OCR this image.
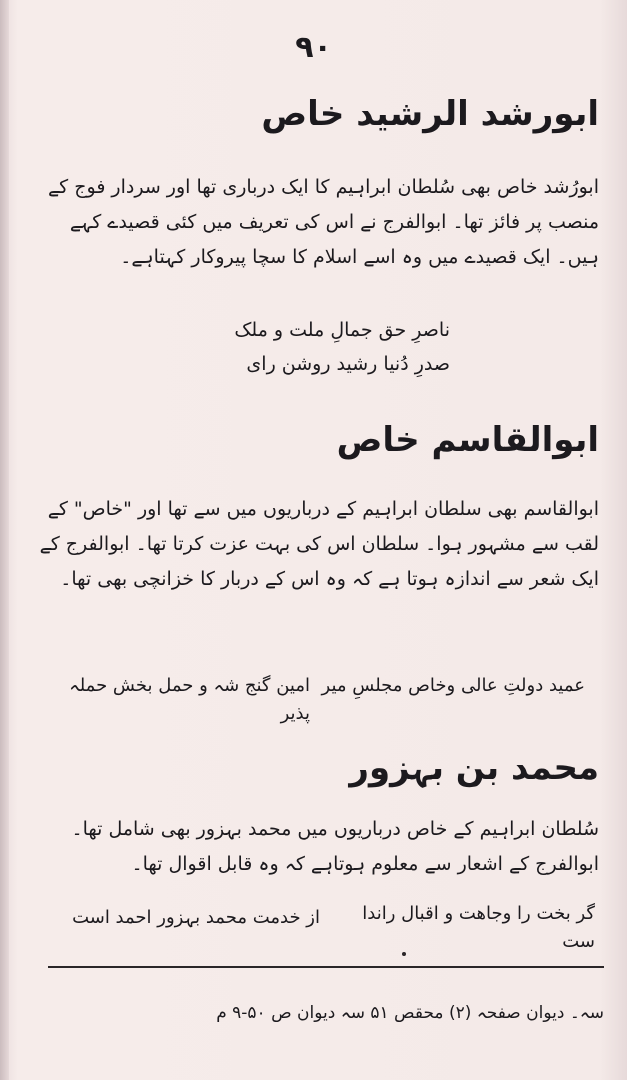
۹۰
ابورشد الرشید خاص
ابورُشد خاص بھی سُلطان ابراہیم کا ایک درباری تھا اور سردار فوج کے منصب پر فائز تھا۔ ابوالفرج نے اس کی تعریف میں کئی قصیدے کہے ہیں۔ ایک قصیدے میں وہ اسے اسلام کا سچا پیروکار کہتاہے۔
ناصرِ حق جمالِ ملت و ملک
صدرِ دُنیا رشید روشن رای
ابوالقاسم خاص
ابوالقاسم بھی سلطان ابراہیم کے درباریوں میں سے تھا اور "خاص" کے لقب سے مشہور ہوا۔ سلطان اس کی بہت عزت کرتا تھا۔ ابوالفرج کے ایک شعر سے اندازہ ہوتا ہے کہ وہ اس کے دربار کا خزانچی بھی تھا۔
عمید دولتِ عالی وخاص مجلسِ میر
امین گنج شہ و حمل بخش حملہ پذیر
محمد بن بہزور
سُلطان ابراہیم کے خاص درباریوں میں محمد بہزور بھی شامل تھا۔ ابوالفرج کے اشعار سے معلوم ہوتاہے کہ وہ قابل اقوال تھا۔
گر بخت را وجاهت و اقبال راندا ست
از خدمت محمد بہزور احمد است
سہ۔ دیوان صفحہ (۲) محقص ۵۱ سہ دیوان ص ۵۰-۹ م
